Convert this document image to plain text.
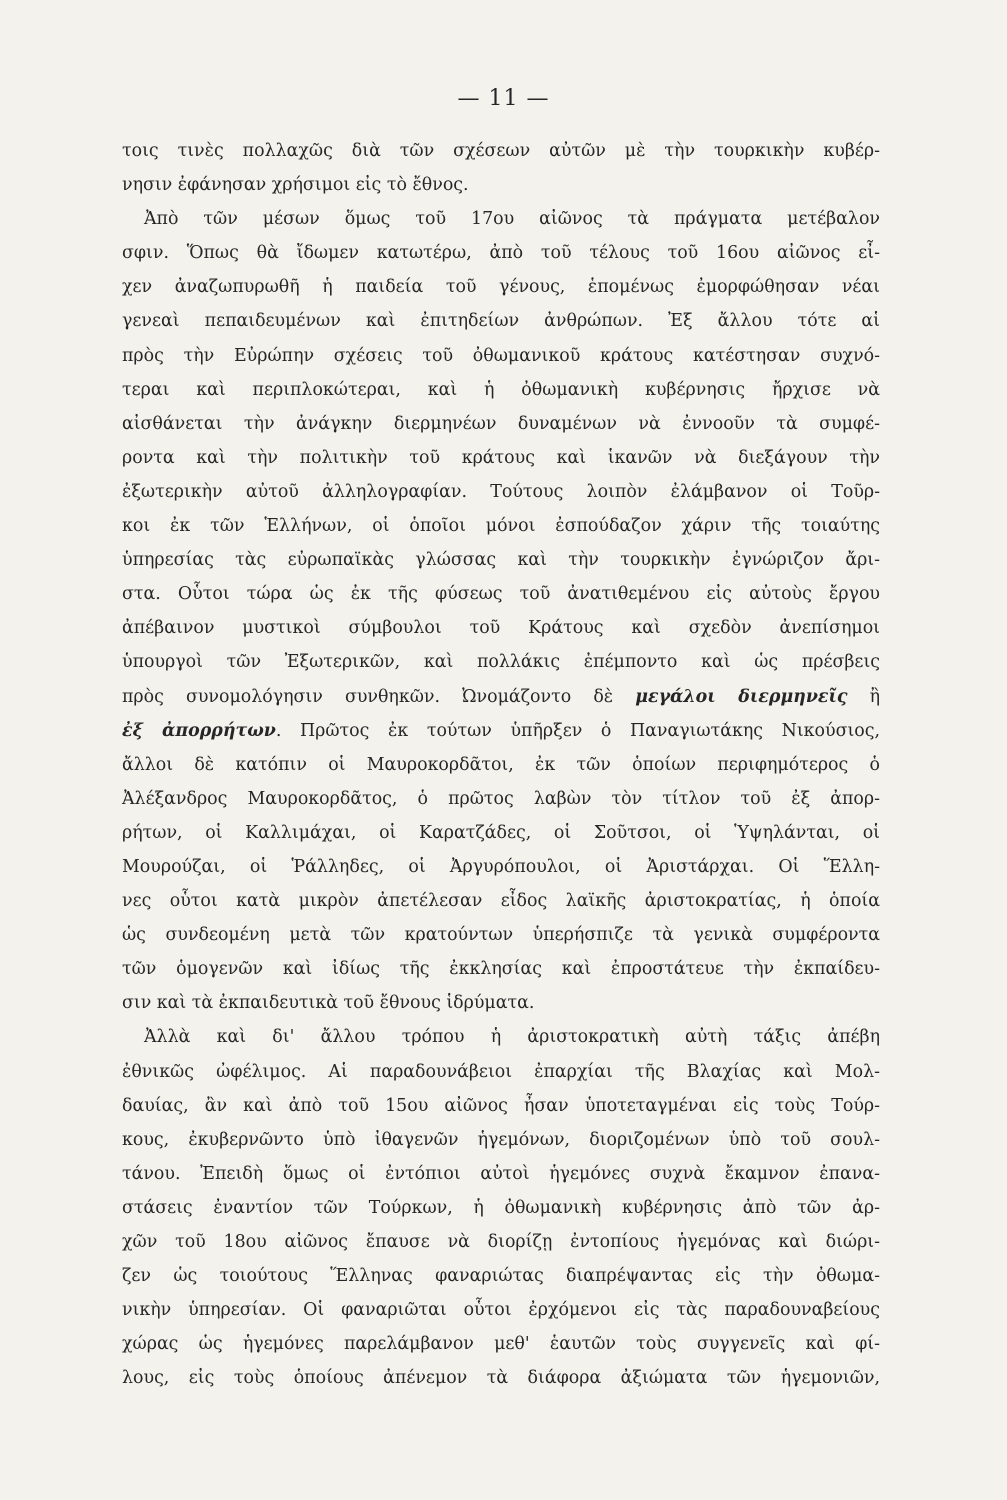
— 11 —
τοις τινὲς πολλαχῶς διὰ τῶν σχέσεων αὐτῶν μὲ τὴν τουρκικὴν κυβέρ-
νησιν ἐφάνησαν χρήσιμοι εἰς τὸ ἔθνος.
Ἀπὸ τῶν μέσων ὅμως τοῦ 17ου αἰῶνος τὰ πράγματα μετέβαλον
σφιν. Ὅπως θὰ ἴδωμεν κατωτέρω, ἀπὸ τοῦ τέλους τοῦ 16ου αἰῶνος εἶ-
χεν ἀναζωπυρωθῆ ἡ παιδεία τοῦ γένους, ἑπομένως ἐμορφώθησαν νέαι
γενεαὶ πεπαιδευμένων καὶ ἐπιτηδείων ἀνθρώπων. Ἐξ ἄλλου τότε αἱ
πρὸς τὴν Εὐρώπην σχέσεις τοῦ ὀθωμανικοῦ κράτους κατέστησαν συχνό-
τεραι καὶ περιπλοκώτεραι, καὶ ἡ ὀθωμανικὴ κυβέρνησις ἤρχισε νὰ
αἰσθάνεται τὴν ἀνάγκην διερμηνέων δυναμένων νὰ ἐννοοῦν τὰ συμφέ-
ροντα καὶ τὴν πολιτικὴν τοῦ κράτους καὶ ἱκανῶν νὰ διεξάγουν τὴν
ἐξωτερικὴν αὐτοῦ ἀλληλογραφίαν. Τούτους λοιπὸν ἐλάμβανον οἱ Τοῦρ-
κοι ἐκ τῶν Ἑλλήνων, οἱ ὁποῖοι μόνοι ἐσπούδαζον χάριν τῆς τοιαύτης
ὑπηρεσίας τὰς εὐρωπαϊκὰς γλώσσας καὶ τὴν τουρκικὴν ἐγνώριζον ἄρι-
στα. Οὗτοι τώρα ὡς ἐκ τῆς φύσεως τοῦ ἀνατιθεμένου εἰς αὐτοὺς ἔργου
ἀπέβαινον μυστικοὶ σύμβουλοι τοῦ Κράτους καὶ σχεδὸν ἀνεπίσημοι
ὑπουργοὶ τῶν Ἐξωτερικῶν, καὶ πολλάκις ἐπέμποντο καὶ ὡς πρέσβεις
πρὸς συνομολόγησιν συνθηκῶν. Ὠνομάζοντο δὲ μεγάλοι διερμηνεῖς ἢ
ἐξ ἀπορρήτων. Πρῶτος ἐκ τούτων ὑπῆρξεν ὁ Παναγιωτάκης Νικούσιος,
ἄλλοι δὲ κατόπιν οἱ Μαυροκορδᾶτοι, ἐκ τῶν ὁποίων περιφημότερος ὁ
Ἀλέξανδρος Μαυροκορδᾶτος, ὁ πρῶτος λαβὼν τὸν τίτλον τοῦ ἐξ ἀπορ-
ρήτων, οἱ Καλλιμάχαι, οἱ Καρατζάδες, οἱ Σοῦτσοι, οἱ Ὑψηλάνται, οἱ
Μουρούζαι, οἱ Ῥάλληδες, οἱ Ἀργυρόπουλοι, οἱ Ἀριστάρχαι. Οἱ Ἕλλη-
νες οὗτοι κατὰ μικρὸν ἀπετέλεσαν εἶδος λαϊκῆς ἀριστοκρατίας, ἡ ὁποία
ὡς συνδεομένη μετὰ τῶν κρατούντων ὑπερήσπιζε τὰ γενικὰ συμφέροντα
τῶν ὁμογενῶν καὶ ἰδίως τῆς ἐκκλησίας καὶ ἐπροστάτευε τὴν ἐκπαίδευ-
σιν καὶ τὰ ἐκπαιδευτικὰ τοῦ ἔθνους ἱδρύματα.
Ἀλλὰ καὶ δι' ἄλλου τρόπου ἡ ἀριστοκρατικὴ αὐτὴ τάξις ἀπέβη
ἐθνικῶς ὠφέλιμος. Αἱ παραδουνάβειοι ἐπαρχίαι τῆς Βλαχίας καὶ Μολ-
δαυίας, ἂν καὶ ἀπὸ τοῦ 15ου αἰῶνος ἦσαν ὑποτεταγμέναι εἰς τοὺς Τούρ-
κους, ἐκυβερνῶντο ὑπὸ ἰθαγενῶν ἡγεμόνων, διοριζομένων ὑπὸ τοῦ σουλ-
τάνου. Ἐπειδὴ ὅμως οἱ ἐντόπιοι αὐτοὶ ἡγεμόνες συχνὰ ἔκαμνον ἐπανα-
στάσεις ἐναντίον τῶν Τούρκων, ἡ ὀθωμανικὴ κυβέρνησις ἀπὸ τῶν ἀρ-
χῶν τοῦ 18ου αἰῶνος ἔπαυσε νὰ διορίζῃ ἐντοπίους ἡγεμόνας καὶ διώρι-
ζεν ὡς τοιούτους Ἕλληνας φαναριώτας διαπρέψαντας εἰς τὴν ὀθωμα-
νικὴν ὑπηρεσίαν. Οἱ φαναριῶται οὗτοι ἐρχόμενοι εἰς τὰς παραδουναβείους
χώρας ὡς ἡγεμόνες παρελάμβανον μεθ' ἑαυτῶν τοὺς συγγενεῖς καὶ φί-
λους, εἰς τοὺς ὁποίους ἀπένεμον τὰ διάφορα ἀξιώματα τῶν ἡγεμονιῶν,
